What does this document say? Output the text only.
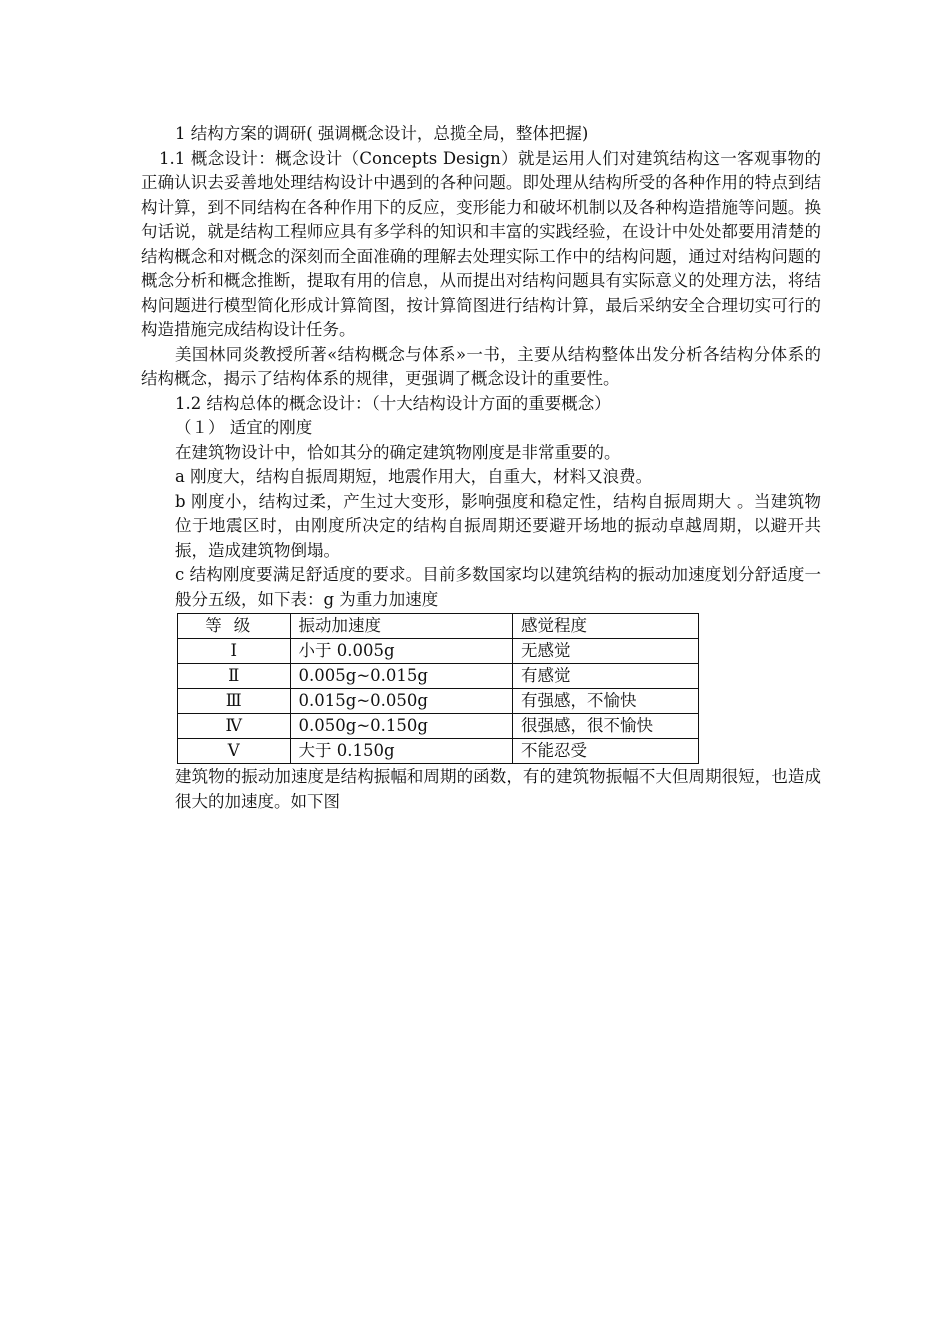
1 结构方案的调研( 强调概念设计，总揽全局，整体把握)

1.1 概念设计：概念设计（Concepts Design）就是运用人们对建筑结构这一客观事物的正确认识去妥善地处理结构设计中遇到的各种问题。即处理从结构所受的各种作用的特点到结构计算，到不同结构在各种作用下的反应，变形能力和破坏机制以及各种构造措施等问题。换句话说，就是结构工程师应具有多学科的知识和丰富的实践经验，在设计中处处都要用清楚的结构概念和对概念的深刻而全面准确的理解去处理实际工作中的结构问题，通过对结构问题的概念分析和概念推断，提取有用的信息，从而提出对结构问题具有实际意义的处理方法，将结构问题进行模型简化形成计算简图，按计算简图进行结构计算，最后采纳安全合理切实可行的构造措施完成结构设计任务。

美国林同炎教授所著«结构概念与体系»一书，主要从结构整体出发分析各结构分体系的结构概念，揭示了结构体系的规律，更强调了概念设计的重要性。

1.2 结构总体的概念设计：（十大结构设计方面的重要概念）

（１） 适宜的刚度

在建筑物设计中，恰如其分的确定建筑物刚度是非常重要的。

a 刚度大，结构自振周期短，地震作用大，自重大，材料又浪费。

b 刚度小，结构过柔，产生过大变形，影响强度和稳定性，结构自振周期大 。当建筑物位于地震区时，由刚度所决定的结构自振周期还要避开场地的振动卓越周期，以避开共振，造成建筑物倒塌。

c 结构刚度要满足舒适度的要求。目前多数国家均以建筑结构的振动加速度划分舒适度一般分五级，如下表：g 为重力加速度

等级	振动加速度	感觉程度
Ⅰ	小于 0.005g	无感觉
Ⅱ	0.005g~0.015g	有感觉
Ⅲ	0.015g~0.050g	有强感，不愉快
Ⅳ	0.050g~0.150g	很强感，很不愉快
Ⅴ	大于 0.150g	不能忍受

建筑物的振动加速度是结构振幅和周期的函数，有的建筑物振幅不大但周期很短，也造成很大的加速度。如下图
